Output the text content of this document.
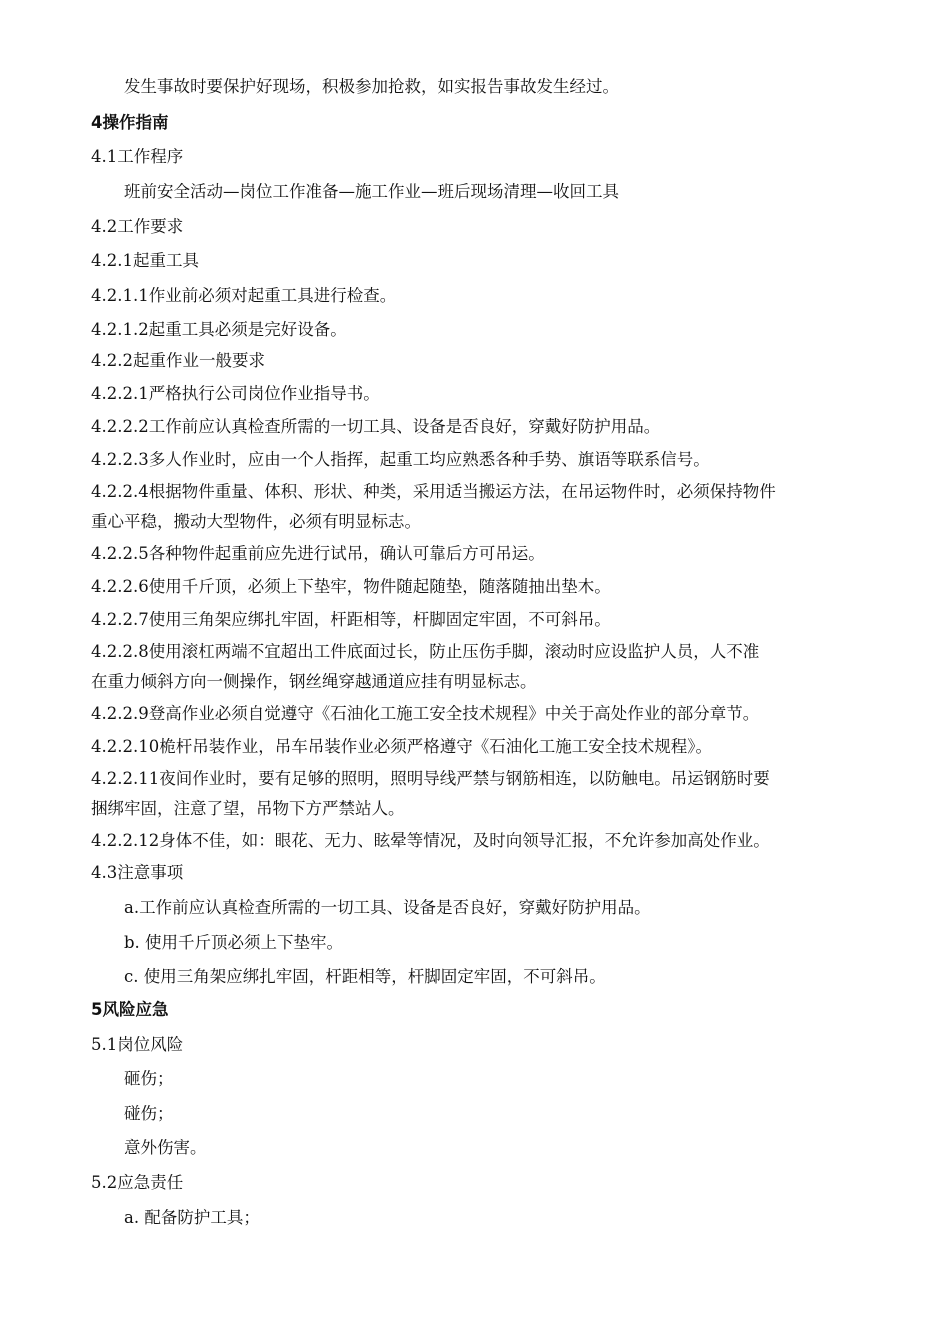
发生事故时要保护好现场，积极参加抢救，如实报告事故发生经过。
4操作指南
4.1工作程序
班前安全活动—岗位工作准备—施工作业—班后现场清理—收回工具
4.2工作要求
4.2.1起重工具
4.2.1.1作业前必须对起重工具进行检查。
4.2.1.2起重工具必须是完好设备。
4.2.2起重作业一般要求
4.2.2.1严格执行公司岗位作业指导书。
4.2.2.2工作前应认真检查所需的一切工具、设备是否良好，穿戴好防护用品。
4.2.2.3多人作业时，应由一个人指挥，起重工均应熟悉各种手势、旗语等联系信号。
4.2.2.4根据物件重量、体积、形状、种类，采用适当搬运方法，在吊运物件时，必须保持物件
重心平稳，搬动大型物件，必须有明显标志。
4.2.2.5各种物件起重前应先进行试吊，确认可靠后方可吊运。
4.2.2.6使用千斤顶，必须上下垫牢，物件随起随垫，随落随抽出垫木。
4.2.2.7使用三角架应绑扎牢固，杆距相等，杆脚固定牢固，不可斜吊。
4.2.2.8使用滚杠两端不宜超出工件底面过长，防止压伤手脚，滚动时应设监护人员，人不准
在重力倾斜方向一侧操作，钢丝绳穿越通道应挂有明显标志。
4.2.2.9登高作业必须自觉遵守《石油化工施工安全技术规程》中关于高处作业的部分章节。
4.2.2.10桅杆吊装作业，吊车吊装作业必须严格遵守《石油化工施工安全技术规程》。
4.2.2.11夜间作业时，要有足够的照明，照明导线严禁与钢筋相连，以防触电。吊运钢筋时要
捆绑牢固，注意了望，吊物下方严禁站人。
4.2.2.12身体不佳，如：眼花、无力、眩晕等情况，及时向领导汇报，不允许参加高处作业。
4.3注意事项
a.工作前应认真检查所需的一切工具、设备是否良好，穿戴好防护用品。
b. 使用千斤顶必须上下垫牢。
c. 使用三角架应绑扎牢固，杆距相等，杆脚固定牢固，不可斜吊。
5风险应急
5.1岗位风险
砸伤；
碰伤；
意外伤害。
5.2应急责任
a. 配备防护工具；
